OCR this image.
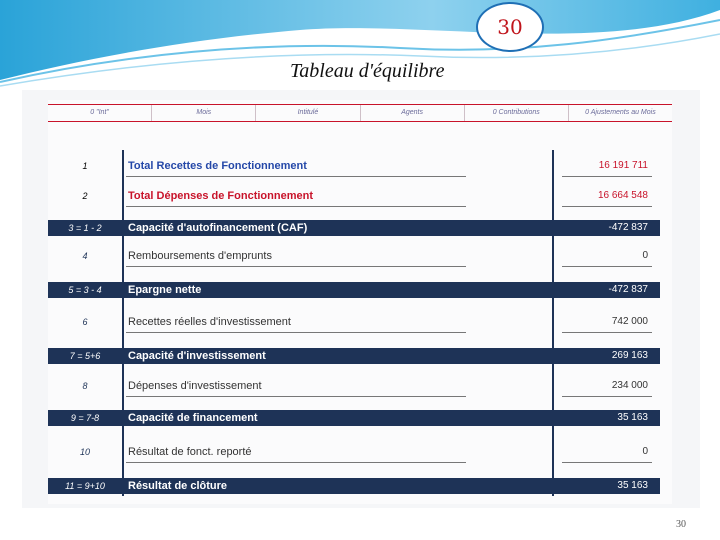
30
Tableau d'équilibre
0 "Int"	Mois	Intitulé	Agents	0 Contributions	0 Ajustements au Mois
1	Total Recettes de Fonctionnement	16 191 711
2	Total Dépenses de Fonctionnement	16 664 548
3 = 1 - 2	Capacité d'autofinancement (CAF)	-472 837
4	Remboursements d'emprunts	0
5 = 3 - 4	Epargne nette	-472 837
6	Recettes réelles d'investissement	742 000
7 = 5+6	Capacité d'investissement	269 163
8	Dépenses d'investissement	234 000
9 = 7-8	Capacité de financement	35 163
10	Résultat de fonct. reporté	0
11 = 9+10	Résultat de clôture	35 163
30
